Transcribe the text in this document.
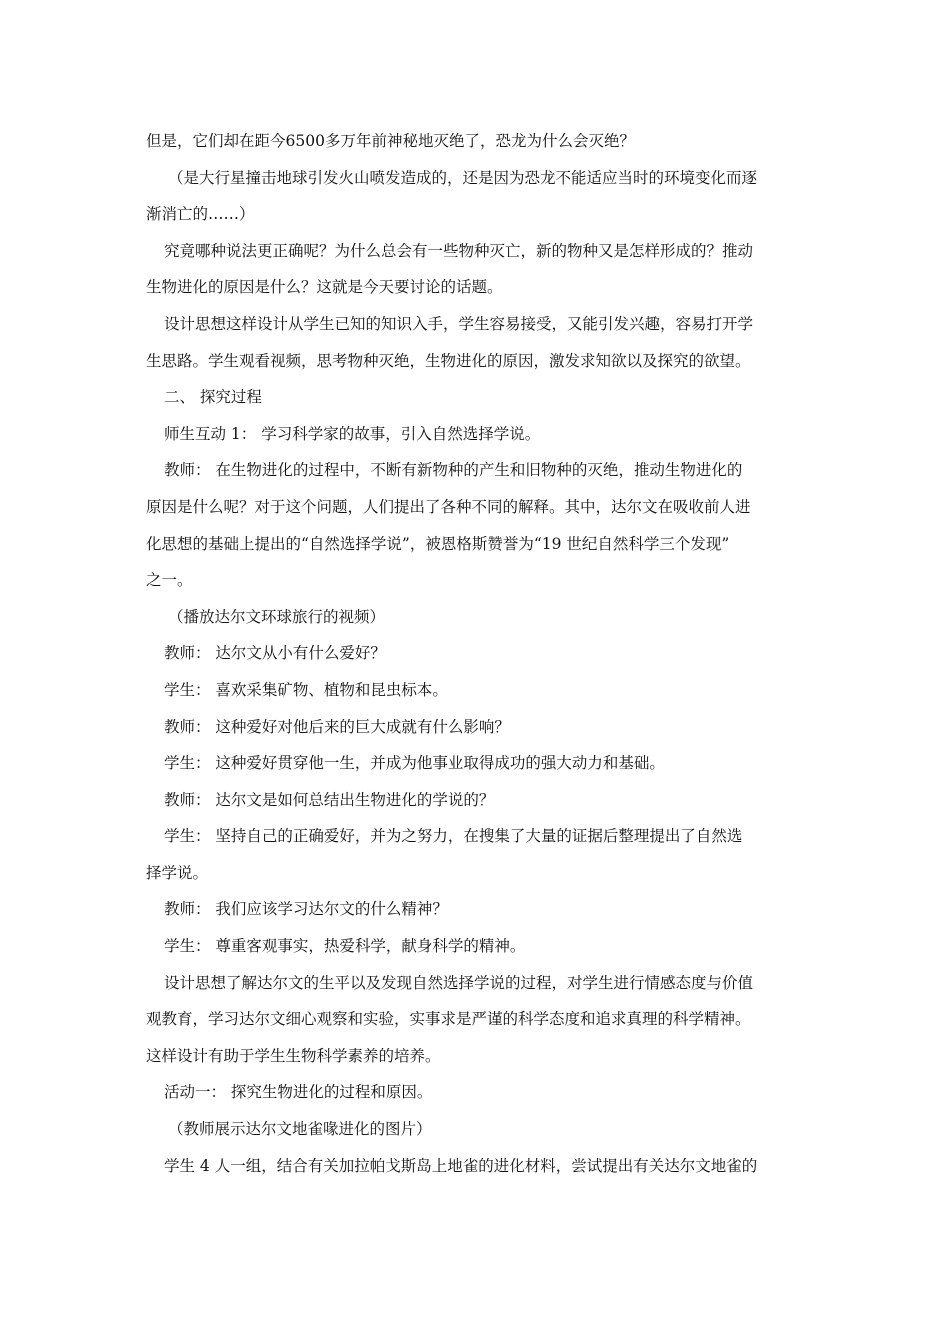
但是，它们却在距今6500多万年前神秘地灭绝了，恐龙为什么会灭绝？
（是大行星撞击地球引发火山喷发造成的，还是因为恐龙不能适应当时的环境变化而逐
渐消亡的……）
究竟哪种说法更正确呢？为什么总会有一些物种灭亡，新的物种又是怎样形成的？推动
生物进化的原因是什么？这就是今天要讨论的话题。
设计思想这样设计从学生已知的知识入手，学生容易接受，又能引发兴趣，容易打开学
生思路。学生观看视频，思考物种灭绝，生物进化的原因，激发求知欲以及探究的欲望。
二、 探究过程
师生互动 1： 学习科学家的故事，引入自然选择学说。
教师： 在生物进化的过程中，不断有新物种的产生和旧物种的灭绝，推动生物进化的
原因是什么呢？对于这个问题，人们提出了各种不同的解释。其中，达尔文在吸收前人进
化思想的基础上提出的“自然选择学说”，被恩格斯赞誉为“19 世纪自然科学三个发现”
之一。
（播放达尔文环球旅行的视频）
教师： 达尔文从小有什么爱好？
学生： 喜欢采集矿物、植物和昆虫标本。
教师： 这种爱好对他后来的巨大成就有什么影响？
学生： 这种爱好贯穿他一生，并成为他事业取得成功的强大动力和基础。
教师： 达尔文是如何总结出生物进化的学说的？
学生： 坚持自己的正确爱好，并为之努力，在搜集了大量的证据后整理提出了自然选
择学说。
教师： 我们应该学习达尔文的什么精神？
学生： 尊重客观事实，热爱科学，献身科学的精神。
设计思想了解达尔文的生平以及发现自然选择学说的过程，对学生进行情感态度与价值
观教育，学习达尔文细心观察和实验，实事求是严谨的科学态度和追求真理的科学精神。
这样设计有助于学生生物科学素养的培养。
活动一： 探究生物进化的过程和原因。
（教师展示达尔文地雀喙进化的图片）
学生 4 人一组，结合有关加拉帕戈斯岛上地雀的进化材料，尝试提出有关达尔文地雀的
